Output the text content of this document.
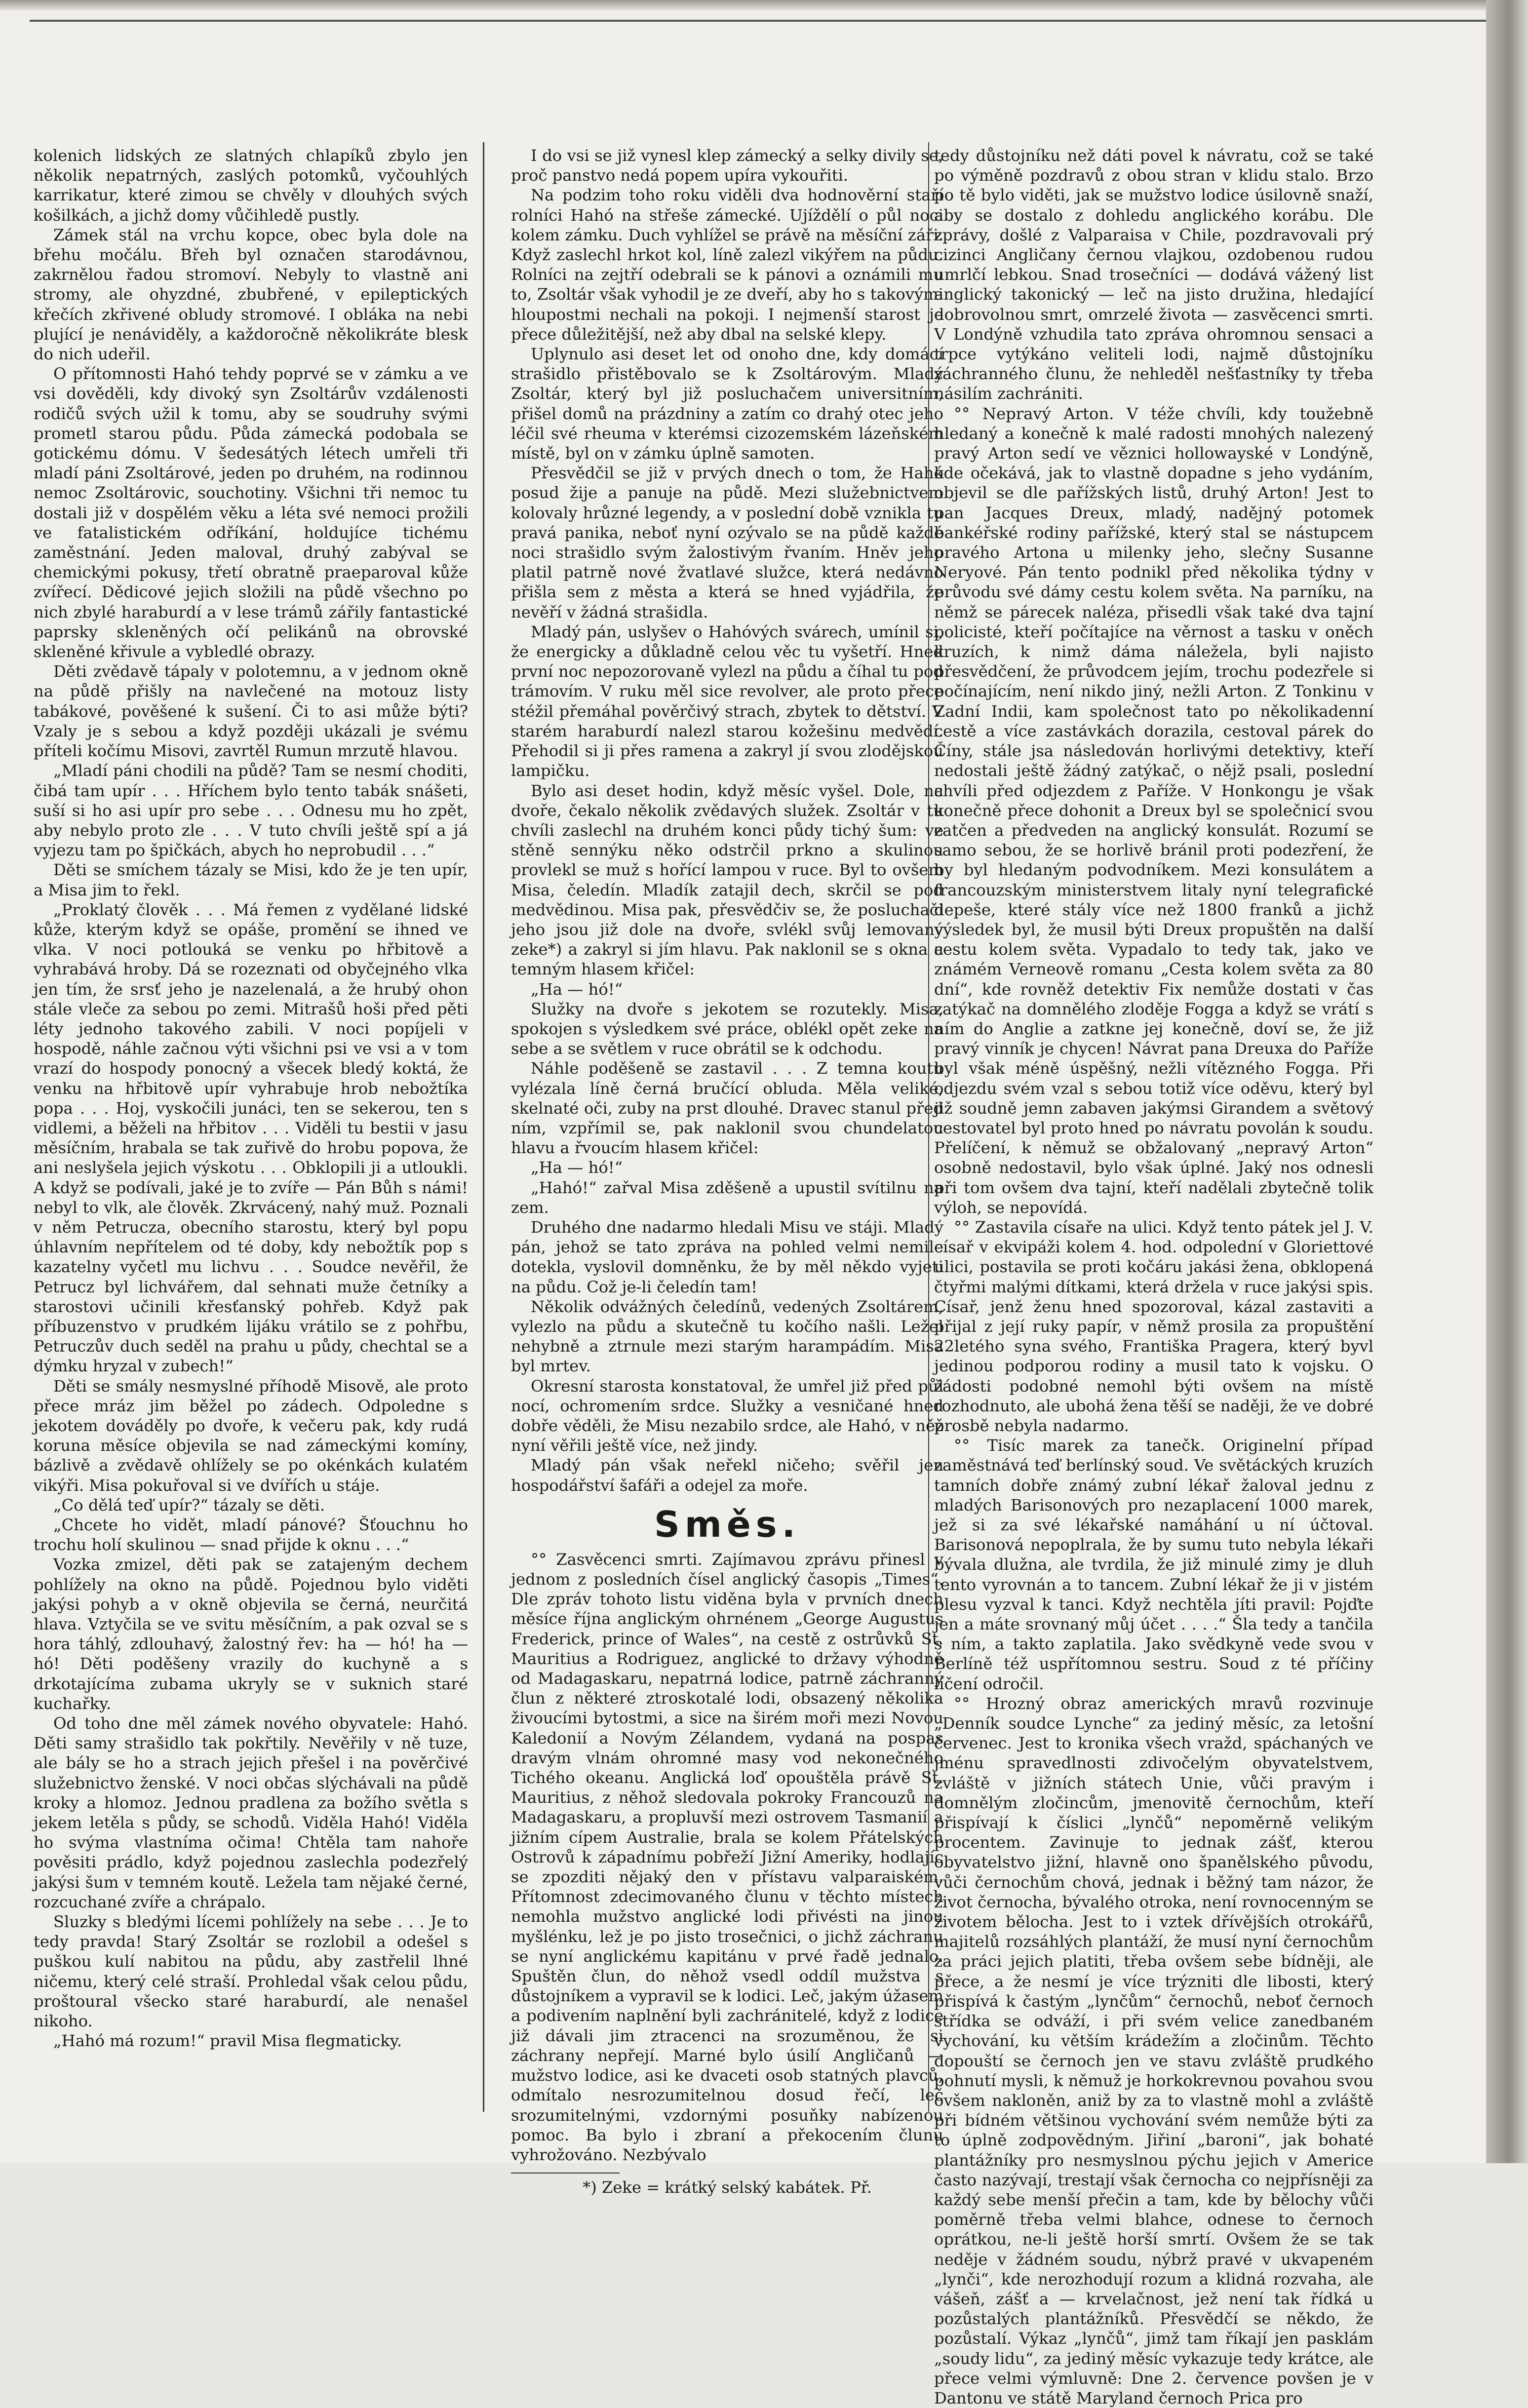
kolenich lidských ze slatných chlapíků zbylo jen několik nepatrných, zaslých potomků, vyčouhlých karrikatur, které zimou se chvěly v dlouhých svých košilkách, a jichž domy vůčihledě pustly.

Zámek stál na vrchu kopce, obec byla dole na břehu močálu. Břeh byl označen starodávnou, zakrnělou řadou stromoví. Nebyly to vlastně ani stromy, ale ohyzdné, zbubřené, v epileptických křečích zkřivené obludy stromové. I obláka na nebi plující je nenáviděly, a každoročně několikráte blesk do nich udeřil.

O přítomnosti Hahó tehdy poprvé se v zámku a ve vsi dověděli, kdy divoký syn Zsoltárův vzdálenosti rodičů svých užil k tomu, aby se soudruhy svými prometl starou půdu. Půda zámecká podobala se gotickému dómu. V šedesátých létech umřeli tři mladí páni Zsoltárové, jeden po druhém, na rodinnou nemoc Zsoltárovic, souchotiny. Všichni tři nemoc tu dostali již v dospělém věku a léta své nemoci prožili ve fatalistickém odříkání, holdujíce tichému zaměstnání. Jeden maloval, druhý zabýval se chemickými pokusy, třetí obratně praeparoval kůže zvířecí. Dědicové jejich složili na půdě všechno po nich zbylé haraburdí a v lese trámů zářily fantastické paprsky skleněných očí pelikánů na obrovské skleněné křivule a vybledlé obrazy.

Děti zvědavě tápaly v polotemnu, a v jednom okně na půdě přišly na navlečené na motouz listy tabákové, pověšené k sušení. Či to asi může býti? Vzaly je s sebou a když později ukázali je svému příteli kočímu Misovi, zavrtěl Rumun mrzutě hlavou.

„Mladí páni chodili na půdě? Tam se nesmí choditi, čibá tam upír . . . Hříchem bylo tento tabák snášeti, suší si ho asi upír pro sebe . . . Odnesu mu ho zpět, aby nebylo proto zle . . . V tuto chvíli ještě spí a já vyjezu tam po špičkách, abych ho neprobudil . . .“

Děti se smíchem tázaly se Misi, kdo že je ten upír, a Misa jim to řekl.

„Proklatý člověk . . . Má řemen z vydělané lidské kůže, kterým když se opáše, promění se ihned ve vlka. V noci potlouká se venku po hřbitově a vyhrabává hroby. Dá se rozeznati od obyčejného vlka jen tím, že srsť jeho je nazelenalá, a že hrubý ohon stále vleče za sebou po zemi. Mitrašů hoši před pěti léty jednoho takového zabili. V noci popíjeli v hospodě, náhle začnou výti všichni psi ve vsi a v tom vrazí do hospody ponocný a všecek bledý koktá, že venku na hřbitově upír vyhrabuje hrob nebožtíka popa . . . Hoj, vyskočili junáci, ten se sekerou, ten s vidlemi, a běželi na hřbitov . . . Viděli tu bestii v jasu měsíčním, hrabala se tak zuřivě do hrobu popova, že ani neslyšela jejich výskotu . . . Obklopili ji a utloukli. A když se podívali, jaké je to zvíře — Pán Bůh s námi! nebyl to vlk, ale člověk. Zkrvácený, nahý muž. Poznali v něm Petrucza, obecního starostu, který byl popu úhlavním nepřítelem od té doby, kdy nebožtík pop s kazatelny vyčetl mu lichvu . . . Soudce nevěřil, že Petrucz byl lichvářem, dal sehnati muže četníky a starostovi učinili křesťanský pohřeb. Když pak příbuzenstvo v prudkém lijáku vrátilo se z pohřbu, Petruczův duch seděl na prahu u půdy, chechtal se a dýmku hryzal v zubech!“

Děti se smály nesmyslné příhodě Misově, ale proto přece mráz jim běžel po zádech. Odpoledne s jekotem dováděly po dvoře, k večeru pak, kdy rudá koruna měsíce objevila se nad zámeckými komíny, bázlivě a zvědavě ohlížely se po okénkách kulatém vikýři. Misa pokuřoval si ve dvířích u stáje.

„Co dělá teď upír?“ tázaly se děti.

„Chcete ho vidět, mladí pánové? Šťouchnu ho trochu holí skulinou — snad přijde k oknu . . .“

Vozka zmizel, děti pak se zatajeným dechem pohlížely na okno na půdě. Pojednou bylo viděti jakýsi pohyb a v okně objevila se černá, neurčitá hlava. Vztyčila se ve svitu měsíčním, a pak ozval se s hora táhlý, zdlouhavý, žalostný řev: ha — hó! ha — hó! Děti poděšeny vrazily do kuchyně a s drkotajícíma zubama ukryly se v suknich staré kuchařky.

Od toho dne měl zámek nového obyvatele: Hahó. Děti samy strašidlo tak pokřtily. Nevěřily v ně tuze, ale bály se ho a strach jejich přešel i na pověrčivé služebnictvo ženské. V noci občas slýchávali na půdě kroky a hlomoz. Jednou pradlena za božího světla s jekem letěla s půdy, se schodů. Viděla Hahó! Viděla ho svýma vlastníma očima! Chtěla tam nahoře pověsiti prádlo, když pojednou zaslechla podezřelý jakýsi šum v temném koutě. Ležela tam nějaké černé, rozcuchané zvíře a chrápalo.

Sluzky s bledými lícemi pohlížely na sebe . . . Je to tedy pravda! Starý Zsoltár se rozlobil a odešel s puškou kulí nabitou na půdu, aby zastřelil lhné ničemu, který celé straší. Prohledal však celou půdu, proštoural všecko staré haraburdí, ale nenašel nikoho.

„Hahó má rozum!“ pravil Misa flegmaticky.

I do vsi se již vynesl klep zámecký a selky divily se, proč panstvo nedá popem upíra vykouřiti.

Na podzim toho roku viděli dva hodnověrní staří rolníci Hahó na střeše zámecké. Ujíždělí o půl noci kolem zámku. Duch vyhlížel se právě na měsíční záři. Když zaslechl hrkot kol, líně zalezl vikýřem na půdu. Rolníci na zejtří odebrali se k pánovi a oznámili mu to, Zsoltár však vyhodil je ze dveří, aby ho s takovými hloupostmi nechali na pokoji. I nejmenší starost je přece důležitější, než aby dbal na selské klepy.

Uplynulo asi deset let od onoho dne, kdy domácí strašidlo přistěbovalo se k Zsoltárovým. Mladý Zsoltár, který byl již posluchačem universitním, přišel domů na prázdniny a zatím co drahý otec jeho léčil své rheuma v kterémsi cizozemském lázeňském místě, byl on v zámku úplně samoten.

Přesvědčil se již v prvých dnech o tom, že Hahó posud žije a panuje na půdě. Mezi služebnictvem kolovaly hrůzné legendy, a v poslední době vznikla tu pravá panika, neboť nyní ozývalo se na půdě každé noci strašidlo svým žalostivým řvaním. Hněv jeho platil patrně nové žvatlavé služce, která nedávno přišla sem z města a která se hned vyjádřila, že nevěří v žádná strašidla.

Mladý pán, uslyšev o Hahóvých svárech, umínil si, že energicky a důkladně celou věc tu vyšetří. Hned první noc nepozorovaně vylezl na půdu a číhal tu pod trámovím. V ruku měl sice revolver, ale proto přece stéžil přemáhal pověrčivý strach, zbytek to dětství. V starém haraburdí nalezl starou kožešinu medvědí. Přehodil si ji přes ramena a zakryl jí svou zlodějskou lampičku.

Bylo asi deset hodin, když měsíc vyšel. Dole, na dvoře, čekalo několik zvědavých služek. Zsoltár v tu chvíli zaslechl na druhém konci půdy tichý šum: ve stěně sennýku něko odstrčil prkno a skulinou provlekl se muž s hořící lampou v ruce. Byl to ovšem Misa, čeledín. Mladík zatajil dech, skrčil se pod medvědinou. Misa pak, přesvědčiv se, že posluchači jeho jsou již dole na dvoře, svlékl svůj lemovaný zeke*) a zakryl si jím hlavu. Pak naklonil se s okna a temným hlasem křičel:

„Ha — hó!“

Služky na dvoře s jekotem se rozutekly. Misa, spokojen s výsledkem své práce, oblékl opět zeke na sebe a se světlem v ruce obrátil se k odchodu.

Náhle poděšeně se zastavil . . . Z temna koutu vylézala líně černá bručící obluda. Měla veliké, skelnaté oči, zuby na prst dlouhé. Dravec stanul před ním, vzpřímil se, pak naklonil svou chundelatou hlavu a řvoucím hlasem křičel:

„Ha — hó!“

„Hahó!“ zařval Misa zděšeně a upustil svítilnu na zem.

Druhého dne nadarmo hledali Misu ve stáji. Mladý pán, jehož se tato zpráva na pohled velmi nemile dotekla, vyslovil domněnku, že by měl někdo vyjeti na půdu. Což je-li čeledín tam!

Několik odvážných čeledínů, vedených Zsoltárem, vylezlo na půdu a skutečně tu kočího našli. Ležel nehybně a ztrnule mezi starým harampádím. Misa byl mrtev.

Okresní starosta konstatoval, že umřel již před půl nocí, ochromením srdce. Služky a vesničané hned dobře věděli, že Misu nezabilo srdce, ale Hahó, v něž nyní věřili ještě více, než jindy.

Mladý pán však neřekl ničeho; svěřil jen hospodářství šafáři a odejel za moře.

Směs.

°° Zasvěcenci smrti. Zajímavou zprávu přinesl v jednom z posledních čísel anglický časopis „Times“. Dle zpráv tohoto listu viděna byla v prvních dnech měsíce října anglickým ohrnénem „George Augustus Frederick, prince of Wales“, na cestě z ostrůvků St. Mauritius a Rodriguez, anglické to državy výhodně od Madagaskaru, nepatrná lodice, patrně záchranný člun z některé ztroskotalé lodi, obsazený několika živoucími bytostmi, a sice na širém moři mezi Novou Kaledonií a Novým Zélandem, vydaná na pospas dravým vlnám ohromné masy vod nekonečného Tichého okeanu. Anglická loď opouštěla právě St. Mauritius, z něhož sledovala pokroky Francouzů na Madagaskaru, a propluvší mezi ostrovem Tasmanií a jižním cípem Australie, brala se kolem Přátelských Ostrovů k západnímu pobřeží Jižní Ameriky, hodlajíc se zpozditi nějaký den v přístavu valparaiském. Přítomnost zdecimovaného člunu v těchto místech nemohla mužstvo anglické lodi přivésti na jinou myšlénku, lež je po jisto trosečnici, o jichž záchranu se nyní anglickému kapitánu v prvé řadě jednalo. Spuštěn člun, do něhož vsedl oddíl mužstva s důstojníkem a vypravil se k lodici. Leč, jakým úžasem a podivením naplnění byli zachránitelé, když z lodice již dávali jim ztracenci na srozuměnou, že si záchrany nepřejí. Marné bylo úsilí Angličanů — mužstvo lodice, asi ke dvaceti osob statných plavců, odmítalo nesrozumitelnou dosud řečí, leč srozumitelnými, vzdornými posuňky nabízenou pomoc. Ba bylo i zbraní a překocením člunu vyhrožováno. Nezbývalo

*) Zeke = krátký selský kabátek. Př.

tedy důstojníku než dáti povel k návratu, což se také po výměně pozdravů z obou stran v klidu stalo. Brzo po tě bylo viděti, jak se mužstvo lodice úsilovně snaží, aby se dostalo z dohledu anglického korábu. Dle zprávy, došlé z Valparaisa v Chile, pozdravovali prý cizinci Angličany černou vlajkou, ozdobenou rudou umrlčí lebkou. Snad trosečníci — dodává vážený list anglický takonický — leč na jisto družina, hledající dobrovolnou smrt, omrzelé života — zasvěcenci smrti. V Londýně vzhudila tato zpráva ohromnou sensaci a trpce vytýkáno veliteli lodi, najmě důstojníku záchranného člunu, že nehleděl nešťastníky ty třeba násilím zachrániti.

°° Nepravý Arton. V téže chvíli, kdy toužebně hledaný a konečně k malé radosti mnohých nalezený pravý Arton sedí ve věznici hollowayské v Londýně, kde očekává, jak to vlastně dopadne s jeho vydáním, objevil se dle pařížských listů, druhý Arton! Jest to pan Jacques Dreux, mladý, nadějný potomek bankéřské rodiny pařížské, který stal se nástupcem pravého Artona u milenky jeho, slečny Susanne Neryové. Pán tento podnikl před několika týdny v průvodu své dámy cestu kolem světa. Na parníku, na němž se párecek naléza, přisedli však také dva tajní policisté, kteří počítajíce na věrnost a tasku v oněch kruzích, k nimž dáma náležela, byli najisto přesvědčení, že průvodcem jejím, trochu podezřele si počínajícím, není nikdo jiný, nežli Arton. Z Tonkinu v Zadní Indii, kam společnost tato po několikadenní cestě a více zastávkách dorazila, cestoval párek do Číny, stále jsa následován horlivými detektivy, kteří nedostali ještě žádný zatýkač, o nějž psali, poslední chvíli před odjezdem z Paříže. V Honkongu je však konečně přece dohonit a Dreux byl se společnicí svou zatčen a předveden na anglický konsulát. Rozumí se samo sebou, že se horlivě bránil proti podezření, že by byl hledaným podvodníkem. Mezi konsulátem a francouzským ministerstvem litaly nyní telegrafické depeše, které stály více než 1800 franků a jichž výsledek byl, že musil býti Dreux propuštěn na další cestu kolem světa. Vypadalo to tedy tak, jako ve známém Verneově romanu „Cesta kolem světa za 80 dní“, kde rovněž detektiv Fix nemůže dostati v čas zatýkač na domnělého zloděje Fogga a když se vrátí s ním do Anglie a zatkne jej konečně, doví se, že již pravý vinník je chycen! Návrat pana Dreuxa do Paříže byl však méně úspěšný, nežli vítězného Fogga. Při odjezdu svém vzal s sebou totiž více oděvu, který byl již soudně jemn zabaven jakýmsi Girandem a světový cestovatel byl proto hned po návratu povolán k soudu. Přelíčení, k němuž se obžalovaný „nepravý Arton“ osobně nedostavil, bylo však úplné. Jaký nos odnesli při tom ovšem dva tajní, kteří nadělali zbytečně tolik výloh, se nepovídá.

°° Zastavila císaře na ulici. Když tento pátek jel J. V. císař v ekvipáži kolem 4. hod. odpolední v Gloriettové ulici, postavila se proti kočáru jakási žena, obklopená čtyřmi malými dítkami, která držela v ruce jakýsi spis. Císař, jenž ženu hned spozoroval, kázal zastaviti a přijal z její ruky papír, v němž prosila za propuštění 22letého syna svého, Františka Pragera, který byvl jedinou podporou rodiny a musil tato k vojsku. O žádosti podobné nemohl býti ovšem na místě rozhodnuto, ale ubohá žena těší se naději, že ve dobré prosbě nebyla nadarmo.

°° Tisíc marek za tanečk. Originelní případ zaměstnává teď berlínský soud. Ve světáckých kruzích tamních dobře známý zubní lékař žaloval jednu z mladých Barisonových pro nezaplacení 1000 marek, jež si za své lékařské namáhání u ní účtoval. Barisonová nepoplrala, že by sumu tuto nebyla lékaři bývala dlužna, ale tvrdila, že již minulé zimy je dluh tento vyrovnán a to tancem. Zubní lékař že ji v jistém plesu vyzval k tanci. Když nechtěla jíti pravil: Pojďte jen a máte srovnaný můj účet . . . .“ Šla tedy a tančila s ním, a takto zaplatila. Jako svědkyně vede svou v Berlíně též uspřítomnou sestru. Soud z té příčiny líčení odročil.

°° Hrozný obraz amerických mravů rozvinuje „Denník soudce Lynche“ za jediný měsíc, za letošní červenec. Jest to kronika všech vražd, spáchaných ve jménu spravedlnosti zdivočelým obyvatelstvem, zvláště v jižních státech Unie, vůči pravým i domnělým zločincům, jmenovitě černochům, kteří přispívají k číslici „lynčů“ nepoměrně velikým procentem. Zavinuje to jednak zášť, kterou obyvatelstvo jižní, hlavně ono španělského původu, vůči černochům chová, jednak i běžný tam názor, že život černocha, bývalého otroka, není rovnocenným se životem bělocha. Jest to i vztek dřívějších otrokářů, majitelů rozsáhlých plantáží, že musí nyní černochům za práci jejich platiti, třeba ovšem sebe bídněji, ale přece, a že nesmí je více trýzniti dle libosti, který přispívá k častým „lynčům“ černochů, neboť černoch střídka se odváží, i při svém velice zanedbaném vychování, ku větším krádežím a zločinům. Těchto dopouští se černoch jen ve stavu zvláště prudkého pohnutí mysli, k němuž je horkokrevnou povahou svou ovšem nakloněn, aniž by za to vlastně mohl a zvláště při bídném většinou vychování svém nemůže býti za to úplně zodpovědným. Jiřiní „baroni“, jak bohaté plantážníky pro nesmyslnou pýchu jejich v Americe často nazývají, trestají však černocha co nejpřísněji za každý sebe menší přečin a tam, kde by bělochy vůči poměrně třeba velmi blahce, odnese to černoch oprátkou, ne-li ještě horší smrtí. Ovšem že se tak neděje v žádném soudu, nýbrž pravé v ukvapeném „lynči“, kde nerozhodují rozum a klidná rozvaha, ale vášeň, zášť a — krvelačnost, jež není tak řídká u pozůstalých plantážníků. Přesvědčí se někdo, že pozůstalí. Výkaz „lynčů“, jimž tam říkají jen pasklám „soudy lidu“, za jediný měsíc vykazuje tedy krátce, ale přece velmi výmluvně: Dne 2. července povšen je v Dantonu ve státě Maryland černoch Prica pro
